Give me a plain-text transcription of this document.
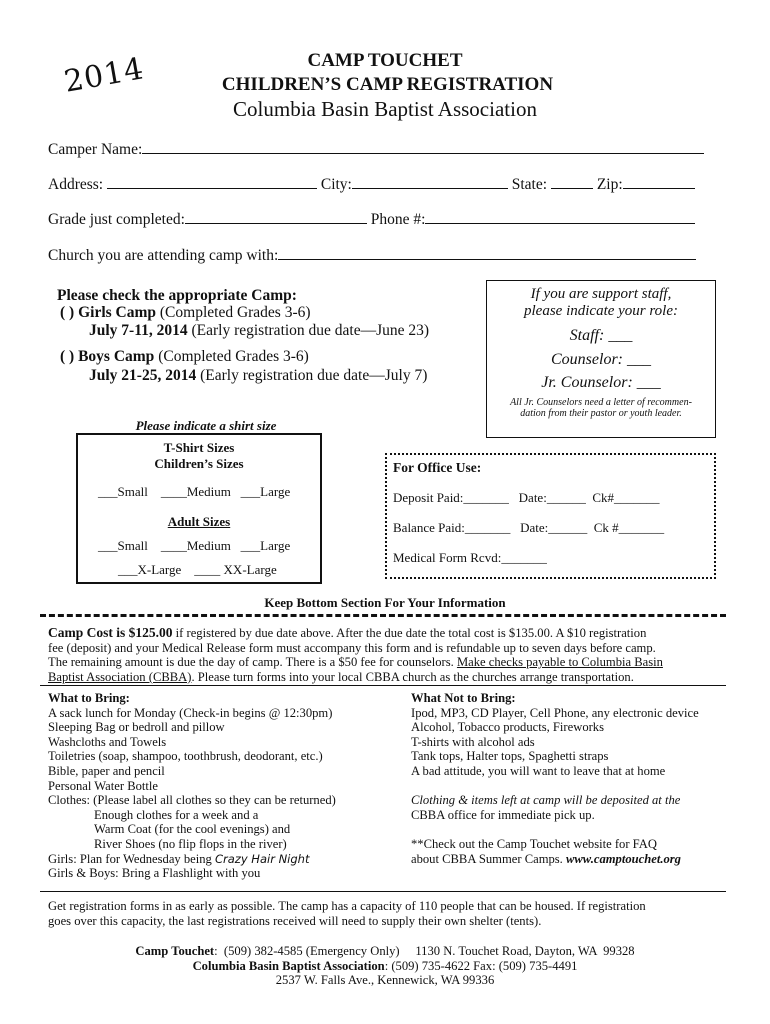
2014	CAMP TOUCHET
CHILDREN’S CAMP REGISTRATION
Columbia Basin Baptist Association
Camper Name:
Address:	City:	State:	Zip:
Grade just completed:	Phone #:
Church you are attending camp with:
Please check the appropriate Camp:
( ) Girls Camp (Completed Grades 3-6)
July 7-11, 2014 (Early registration due date—June 23)
( ) Boys Camp (Completed Grades 3-6)
July 21-25, 2014 (Early registration due date—July 7)
If you are support staff,
please indicate your role:
Staff: ___
Counselor: ___
Jr. Counselor: ___
All Jr. Counselors need a letter of recommen-
dation from their pastor or youth leader.
Please indicate a shirt size
T-Shirt Sizes
Children’s Sizes
___Small ____Medium ___Large
Adult Sizes
___Small ____Medium ___Large
___X-Large ____ XX-Large
For Office Use:
Deposit Paid:_______   Date:______  Ck#_______
Balance Paid:_______   Date:______  Ck #_______
Medical Form Rcvd:_______
Keep Bottom Section For Your Information
Camp Cost is $125.00 if registered by due date above. After the due date the total cost is $135.00. A $10 registration
fee (deposit) and your Medical Release form must accompany this form and is refundable up to seven days before camp.
The remaining amount is due the day of camp. There is a $50 fee for counselors. Make checks payable to Columbia Basin
Baptist Association (CBBA). Please turn forms into your local CBBA church as the churches arrange transportation.
What to Bring:
A sack lunch for Monday (Check-in begins @ 12:30pm)
Sleeping Bag or bedroll and pillow
Washcloths and Towels
Toiletries (soap, shampoo, toothbrush, deodorant, etc.)
Bible, paper and pencil
Personal Water Bottle
Clothes: (Please label all clothes so they can be returned)
Enough clothes for a week and a
Warm Coat (for the cool evenings) and
River Shoes (no flip flops in the river)
Girls: Plan for Wednesday being Crazy Hair Night
Girls & Boys: Bring a Flashlight with you
What Not to Bring:
Ipod, MP3, CD Player, Cell Phone, any electronic device
Alcohol, Tobacco products, Fireworks
T-shirts with alcohol ads
Tank tops, Halter tops, Spaghetti straps
A bad attitude, you will want to leave that at home
Clothing & items left at camp will be deposited at the
CBBA office for immediate pick up.
**Check out the Camp Touchet website for FAQ
about CBBA Summer Camps. www.camptouchet.org
Get registration forms in as early as possible. The camp has a capacity of 110 people that can be housed. If registration
goes over this capacity, the last registrations received will need to supply their own shelter (tents).
Camp Touchet:  (509) 382-4585 (Emergency Only)     1130 N. Touchet Road, Dayton, WA  99328
Columbia Basin Baptist Association: (509) 735-4622 Fax: (509) 735-4491
2537 W. Falls Ave., Kennewick, WA 99336
